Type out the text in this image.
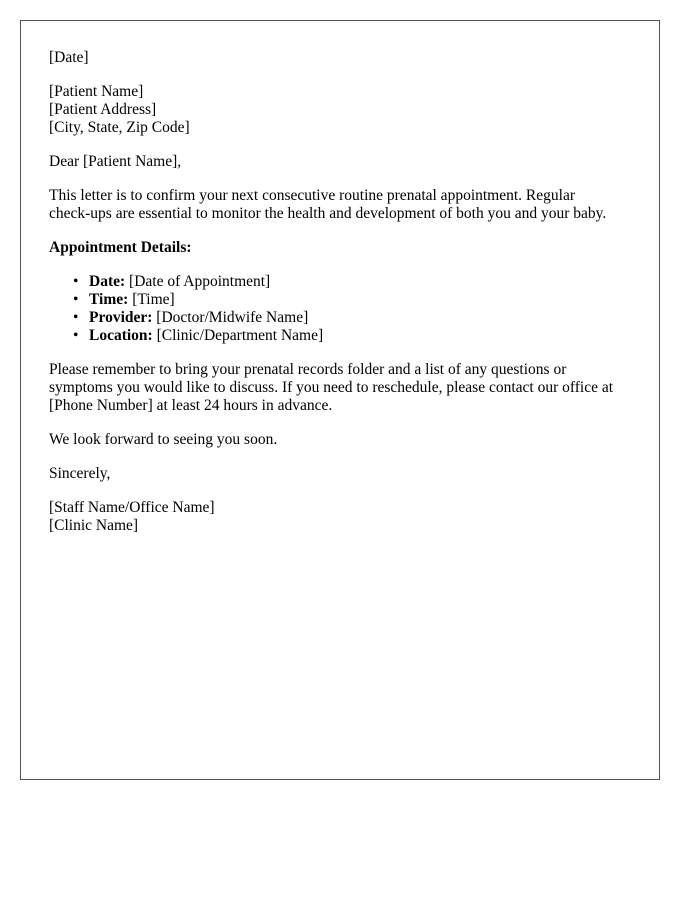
[Date]
[Patient Name]
[Patient Address]
[City, State, Zip Code]
Dear [Patient Name],
This letter is to confirm your next consecutive routine prenatal appointment. Regular
check-ups are essential to monitor the health and development of both you and your baby.
Appointment Details:
• Date: [Date of Appointment]
• Time: [Time]
• Provider: [Doctor/Midwife Name]
• Location: [Clinic/Department Name]
Please remember to bring your prenatal records folder and a list of any questions or
symptoms you would like to discuss. If you need to reschedule, please contact our office at
[Phone Number] at least 24 hours in advance.
We look forward to seeing you soon.
Sincerely,
[Staff Name/Office Name]
[Clinic Name]
